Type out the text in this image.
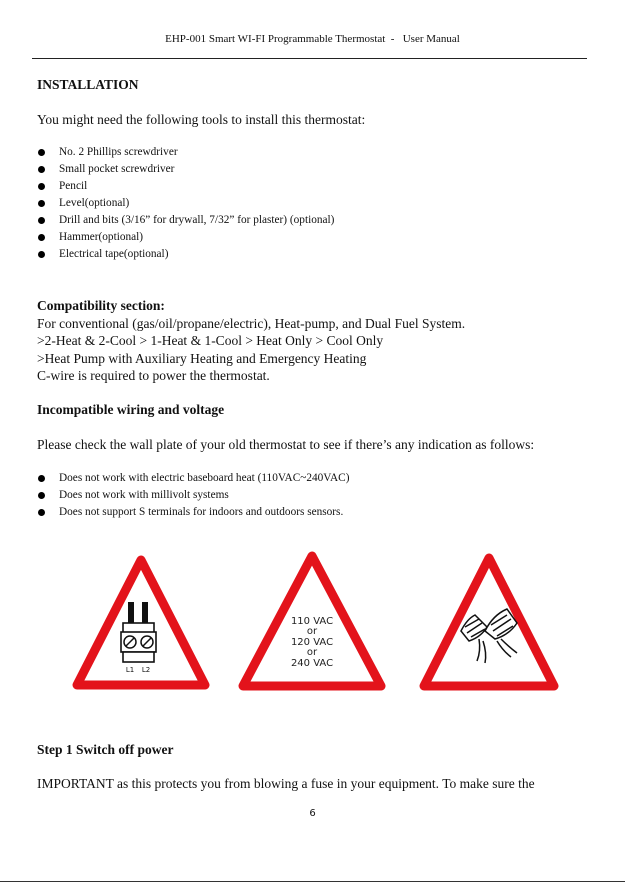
EHP-001 Smart WI-FI Programmable Thermostat  -   User Manual
INSTALLATION
You might need the following tools to install this thermostat:
No. 2 Phillips screwdriver
Small pocket screwdriver
Pencil
Level(optional)
Drill and bits (3/16” for drywall, 7/32” for plaster) (optional)
Hammer(optional)
Electrical tape(optional)
Compatibility section:
For conventional (gas/oil/propane/electric), Heat-pump, and Dual Fuel System.
>2-Heat & 2-Cool > 1-Heat & 1-Cool > Heat Only > Cool Only
>Heat Pump with Auxiliary Heating and Emergency Heating
C-wire is required to power the thermostat.
Incompatible wiring and voltage
Please check the wall plate of your old thermostat to see if there’s any indication as follows:
Does not work with electric baseboard heat (110VAC~240VAC)
Does not work with millivolt systems
Does not support S terminals for indoors and outdoors sensors.
L1 L2
110 VAC
or
120 VAC
or
240 VAC
Step 1 Switch off power
IMPORTANT as this protects you from blowing a fuse in your equipment. To make sure the
6
